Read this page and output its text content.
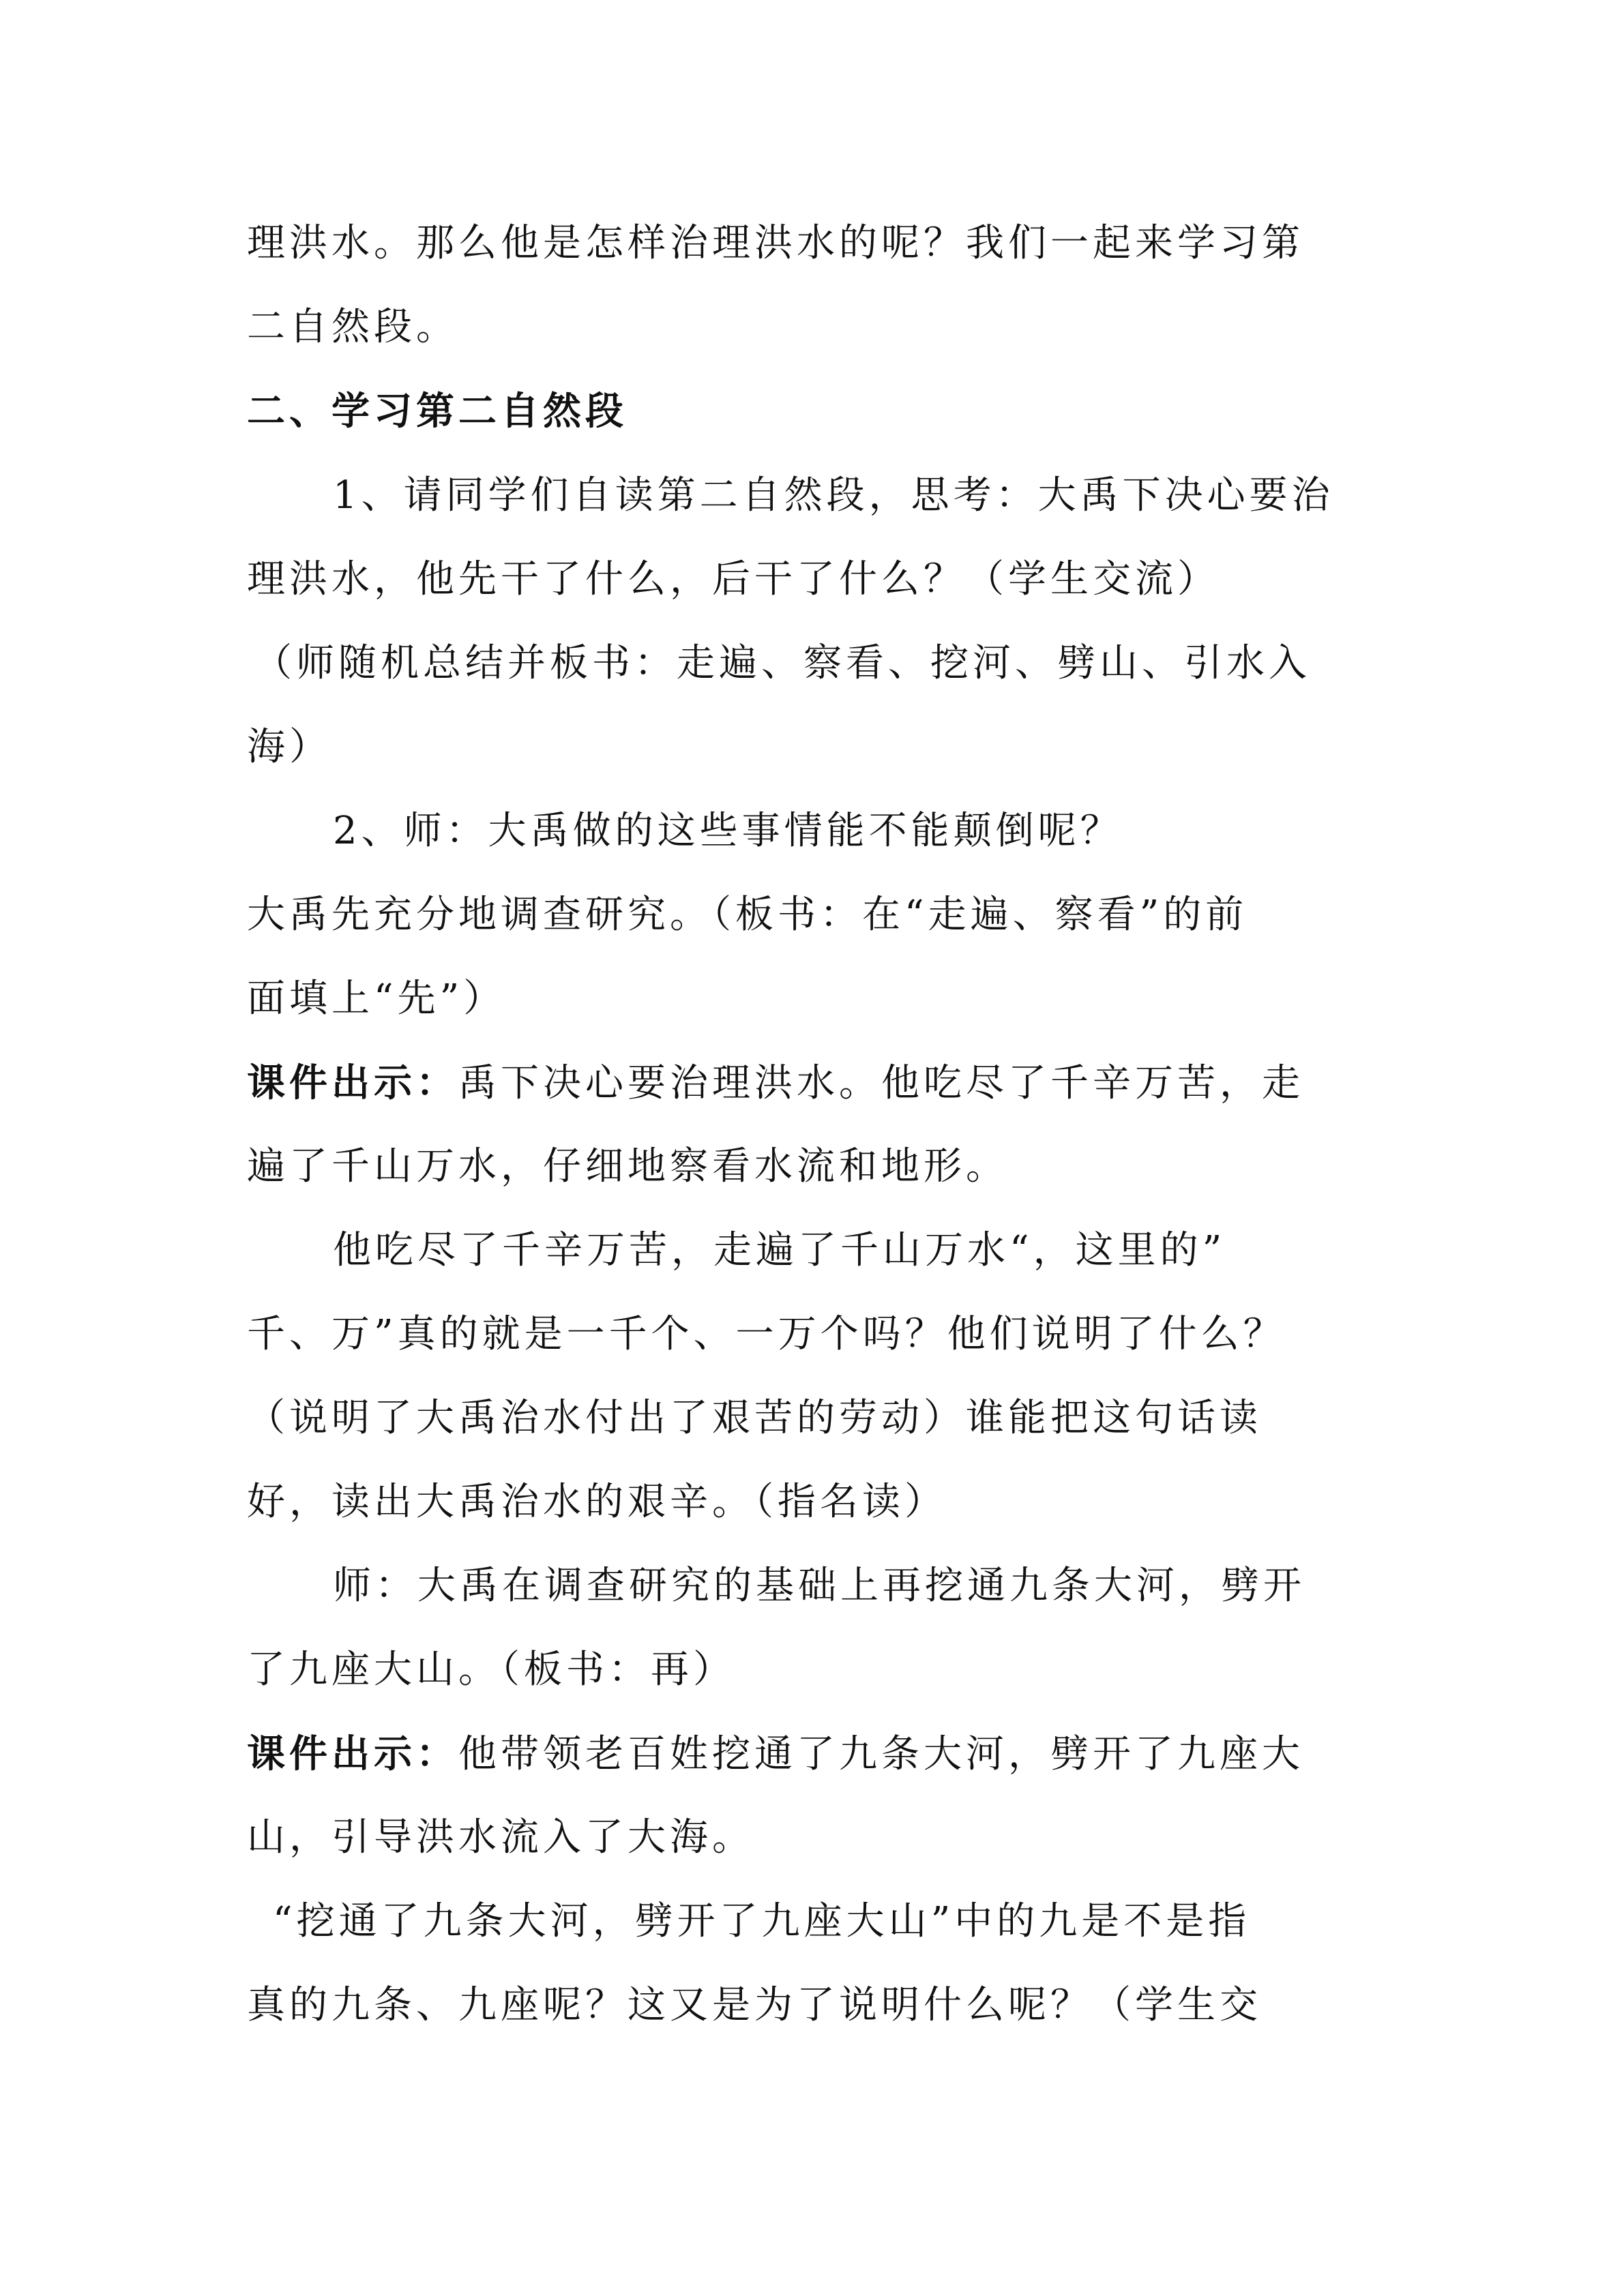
理洪水。那么他是怎样治理洪水的呢？我们一起来学习第
二自然段。
二、学习第二自然段
1、请同学们自读第二自然段，思考：大禹下决心要治
理洪水，他先干了什么，后干了什么？（学生交流）
（师随机总结并板书：走遍、察看、挖河、劈山、引水入
海）
2、师：大禹做的这些事情能不能颠倒呢？
大禹先充分地调查研究。（板书：在“走遍、察看”的前
面填上“先”）
课件出示：禹下决心要治理洪水。他吃尽了千辛万苦，走
遍了千山万水，仔细地察看水流和地形。
他吃尽了千辛万苦，走遍了千山万水“，这里的”
千、万”真的就是一千个、一万个吗？他们说明了什么？
（说明了大禹治水付出了艰苦的劳动）谁能把这句话读
好，读出大禹治水的艰辛。（指名读）
师：大禹在调查研究的基础上再挖通九条大河，劈开
了九座大山。（板书：再）
课件出示：他带领老百姓挖通了九条大河，劈开了九座大
山，引导洪水流入了大海。
“挖通了九条大河，劈开了九座大山”中的九是不是指
真的九条、九座呢？这又是为了说明什么呢？（学生交
